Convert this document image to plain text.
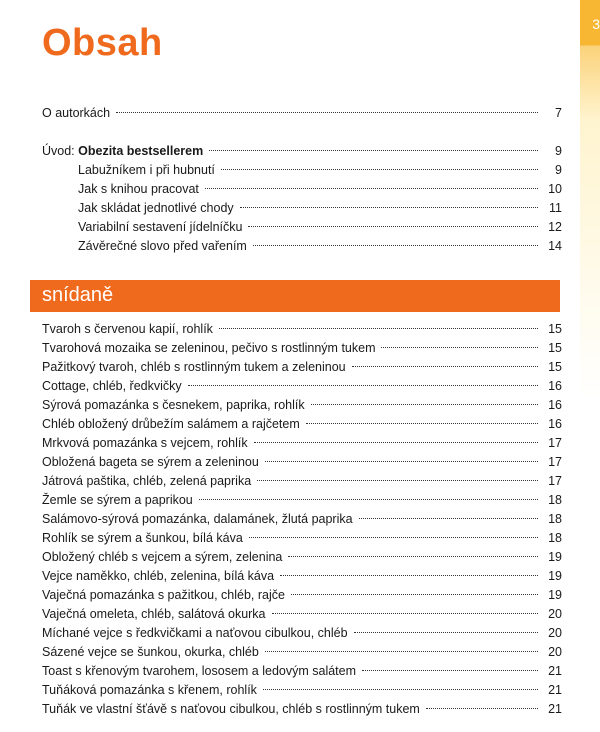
3
Obsah
O autorkách	7
Úvod: Obezita bestsellerem	9
Labužníkem i při hubnutí	9
Jak s knihou pracovat	10
Jak skládat jednotlivé chody	11
Variabilní sestavení jídelníčku	12
Závěrečné slovo před vařením	14
snídaně
Tvaroh s červenou kapií, rohlík	15
Tvarohová mozaika se zeleninou, pečivo s rostlinným tukem	15
Pažitkový tvaroh, chléb s rostlinným tukem a zeleninou	15
Cottage, chléb, ředkvičky	16
Sýrová pomazánka s česnekem, paprika, rohlík	16
Chléb obložený drůbežím salámem a rajčetem	16
Mrkvová pomazánka s vejcem, rohlík	17
Obložená bageta se sýrem a zeleninou	17
Játrová paštika, chléb, zelená paprika	17
Žemle se sýrem a paprikou	18
Salámovo-sýrová pomazánka, dalamánek, žlutá paprika	18
Rohlík se sýrem a šunkou, bílá káva	18
Obložený chléb s vejcem a sýrem, zelenina	19
Vejce naměkko, chléb, zelenina, bílá káva	19
Vaječná pomazánka s pažitkou, chléb, rajče	19
Vaječná omeleta, chléb, salátová okurka	20
Míchané vejce s ředkvičkami a naťovou cibulkou, chléb	20
Sázené vejce se šunkou, okurka, chléb	20
Toast s křenovým tvarohem, lososem a ledovým salátem	21
Tuňáková pomazánka s křenem, rohlík	21
Tuňák ve vlastní šťávě s naťovou cibulkou, chléb s rostlinným tukem	21
